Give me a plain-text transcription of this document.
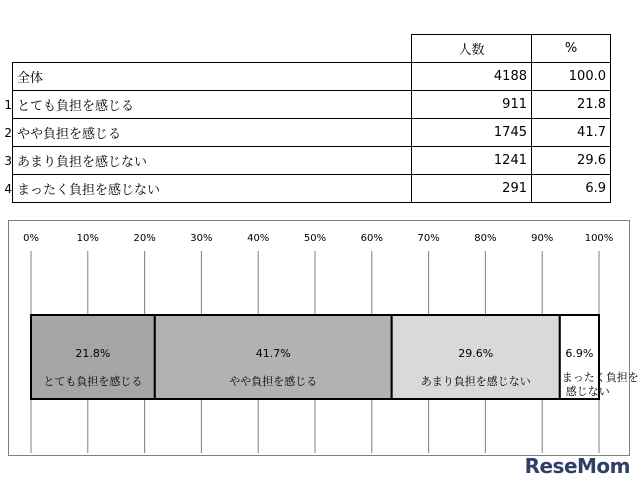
		人数	%
	全体	4188	100.0
1	とても負担を感じる	911	21.8
2	やや負担を感じる	1745	41.7
3	あまり負担を感じない	1241	29.6
4	まったく負担を感じない	291	6.9
0%	10%	20%	30%	40%	50%	60%	70%	80%	90%	100%
21.8%
とても負担を感じる
41.7%
やや負担を感じる
29.6%
あまり負担を感じない
6.9%
まったく負担を感じない
ReseMom
